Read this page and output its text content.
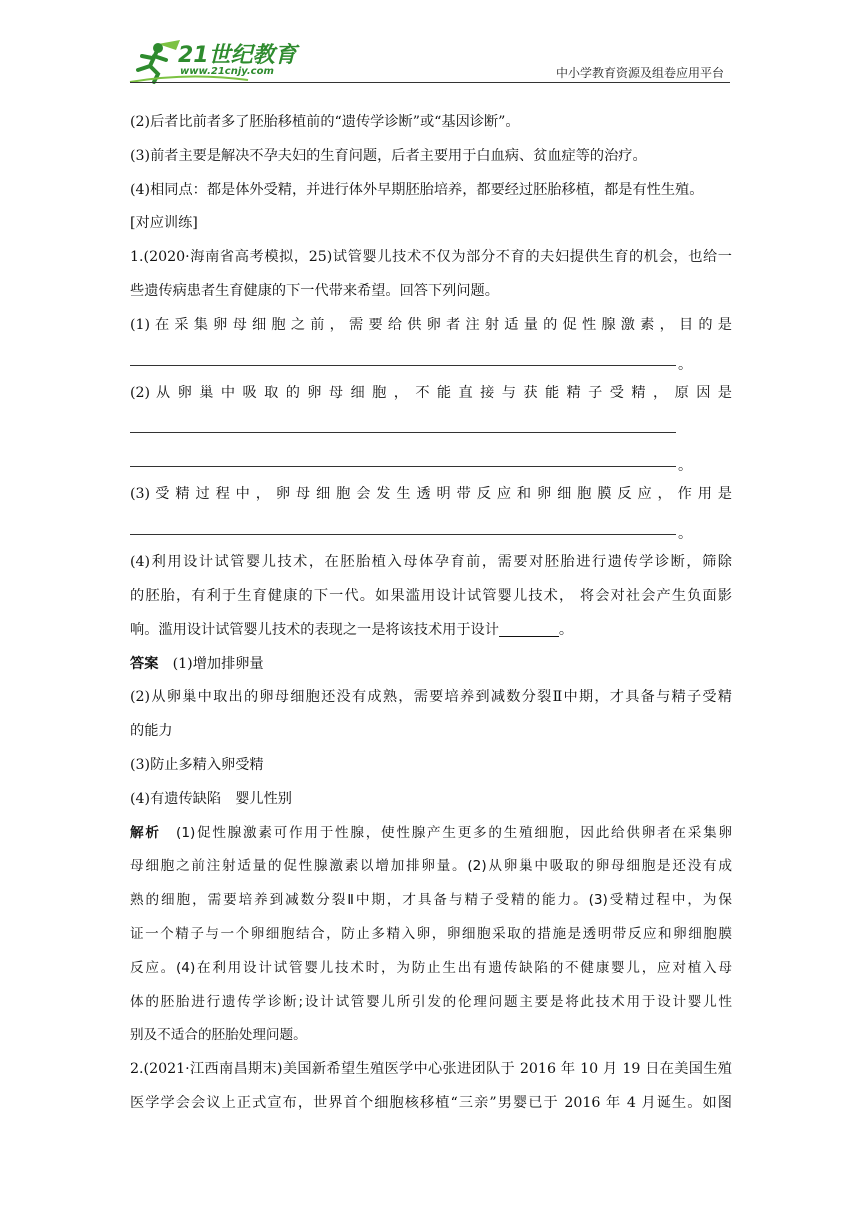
21世纪教育
www.21cnjy.com	中小学教育资源及组卷应用平台

(2)后者比前者多了胚胎移植前的“遗传学诊断”或“基因诊断”。

(3)前者主要是解决不孕夫妇的生育问题，后者主要用于白血病、贫血症等的治疗。

(4)相同点：都是体外受精，并进行体外早期胚胎培养，都要经过胚胎移植，都是有性生殖。

[对应训练]

1.(2020·海南省高考模拟，25)试管婴儿技术不仅为部分不育的夫妇提供生育的机会，也给一

些遗传病患者生育健康的下一代带来希望。回答下列问题。

(1) 在 采 集 卵 母 细 胞 之 前 ， 需 要 给 供 卵 者 注 射 适 量 的 促 性 腺 激 素 ， 目 的 是

。

(2) 从 卵 巢 中 吸 取 的 卵 母 细 胞 ， 不 能 直 接 与 获 能 精 子 受 精 ， 原 因 是

。

(3) 受 精 过 程 中 ， 卵 母 细 胞 会 发 生 透 明 带 反 应 和 卵 细 胞 膜 反 应 ， 作 用 是

。

(4)利用设计试管婴儿技术，在胚胎植入母体孕育前，需要对胚胎进行遗传学诊断，筛除

的胚胎，有利于生育健康的下一代。如果滥用设计试管婴儿技术， 将会对社会产生负面影

响。滥用设计试管婴儿技术的表现之一是将该技术用于设计	。

答案　 (1)增加排卵量

(2)从卵巢中取出的卵母细胞还没有成熟，需要培养到减数分裂Ⅱ中期，才具备与精子受精

的能力

(3)防止多精入卵受精

(4)有遗传缺陷　婴儿性别

解析　 (1)促性腺激素可作用于性腺，使性腺产生更多的生殖细胞，因此给供卵者在采集卵

母细胞之前注射适量的促性腺激素以增加排卵量。(2)从卵巢中吸取的卵母细胞是还没有成

熟的细胞，需要培养到减数分裂Ⅱ中期，才具备与精子受精的能力。(3)受精过程中，为保

证一个精子与一个卵细胞结合，防止多精入卵，卵细胞采取的措施是透明带反应和卵细胞膜

反应。(4)在利用设计试管婴儿技术时，为防止生出有遗传缺陷的不健康婴儿，应对植入母

体的胚胎进行遗传学诊断;设计试管婴儿所引发的伦理问题主要是将此技术用于设计婴儿性

别及不适合的胚胎处理问题。

2.(2021·江西南昌期末)美国新希望生殖医学中心张进团队于 2016 年 10 月 19 日在美国生殖

医学学会会议上正式宣布，世界首个细胞核移植“三亲”男婴已于 2016 年 4 月诞生。如图
